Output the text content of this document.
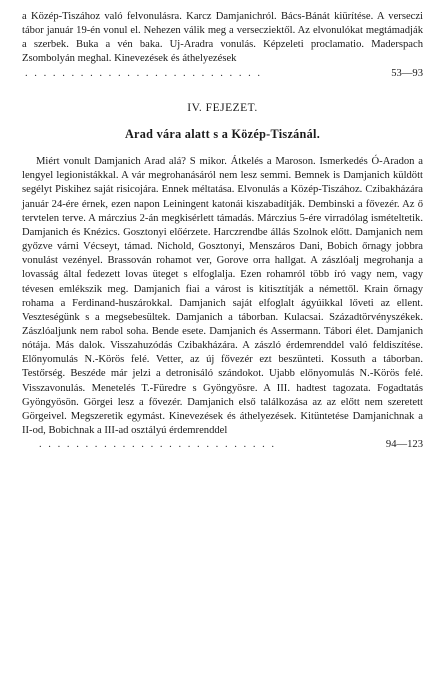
a Közép-Tiszához való felvonulásra. Karcz Damjanichról. Bács-Bánát kiürítése. A verseczi tábor január 19-én vonul el. Nehezen válik meg a versecziektől. Az elvonulókat megtámadják a szerbek. Buka a vén baka. Uj-Aradra vonulás. Képzeleti proclamatio. Maderspach Zsombolyán meghal. Kinevezések és áthelyezések
. . . . . . . . . . . . . . . . . . . . . . . . . .	53—93
IV. FEJEZET.
Arad vára alatt s a Közép-Tiszánál.
Miért vonult Damjanich Arad alá? S mikor. Átkelés a Maroson. Ismerkedés Ó-Aradon a lengyel legionistákkal. A vár megrohanásáról nem lesz semmi. Bemnek is Damjanich küldött segélyt Piskihez saját risicojára. Ennek méltatása. Elvonulás a Közép-Tiszához. Czibakházára január 24-ére érnek, ezen napon Leiningent katonái kiszabadítják. Dembinski a fővezér. Az ő tervtelen terve. A márczius 2-án megkisérlett támadás. Márczius 5-ére virradólag ismételtetik. Damjanich és Knézics. Gosztonyi előérzete. Harczrendbe állás Szolnok előtt. Damjanich nem győzve várni Vécseyt, támad. Nichold, Gosztonyi, Menszáros Dani, Bobich őrnagy jobbra vonulást vezényel. Brassován rohamot ver, Gorove orra hallgat. A zászlóalj megrohanja a lovasság által fedezett lovas üteget s elfoglalja. Ezen rohamról több író vagy nem, vagy tévesen emlékszik meg. Damjanich fiai a várost is kitisztítják a némettől. Krain őrnagy rohama a Ferdinand-huszárokkal. Damjanich saját elfoglalt ágyúikkal lőveti az ellent. Veszteségünk s a megsebesültek. Damjanich a táborban. Kulacsai. Századtörvényszékek. Zászlóaljunk nem rabol soha. Bende esete. Damjanich és Assermann. Tábori élet. Damjanich nótája. Más dalok. Visszahuzódás Czibakházára. A zászló érdemrenddel való feldiszítése. Előnyomulás N.-Körös felé. Vetter, az új fővezér ezt beszünteti. Kossuth a táborban. Testőrség. Beszéde már jelzi a detronisáló szándokot. Ujabb előnyomulás N.-Körös felé. Visszavonulás. Menetelés T.-Füredre s Gyöngyösre. A III. hadtest tagozata. Fogadtatás Gyöngyösön. Görgei lesz a fővezér. Damjanich első találkozása az az előtt nem szeretett Görgeivel. Megszeretik egymást. Kinevezések és áthelyezések. Kitüntetése Damjanichnak a II-od, Bobichnak a III-ad osztályú érdemrenddel
. . . . . . . . . . . . . . . . . . . . . . . . . .	94—123
